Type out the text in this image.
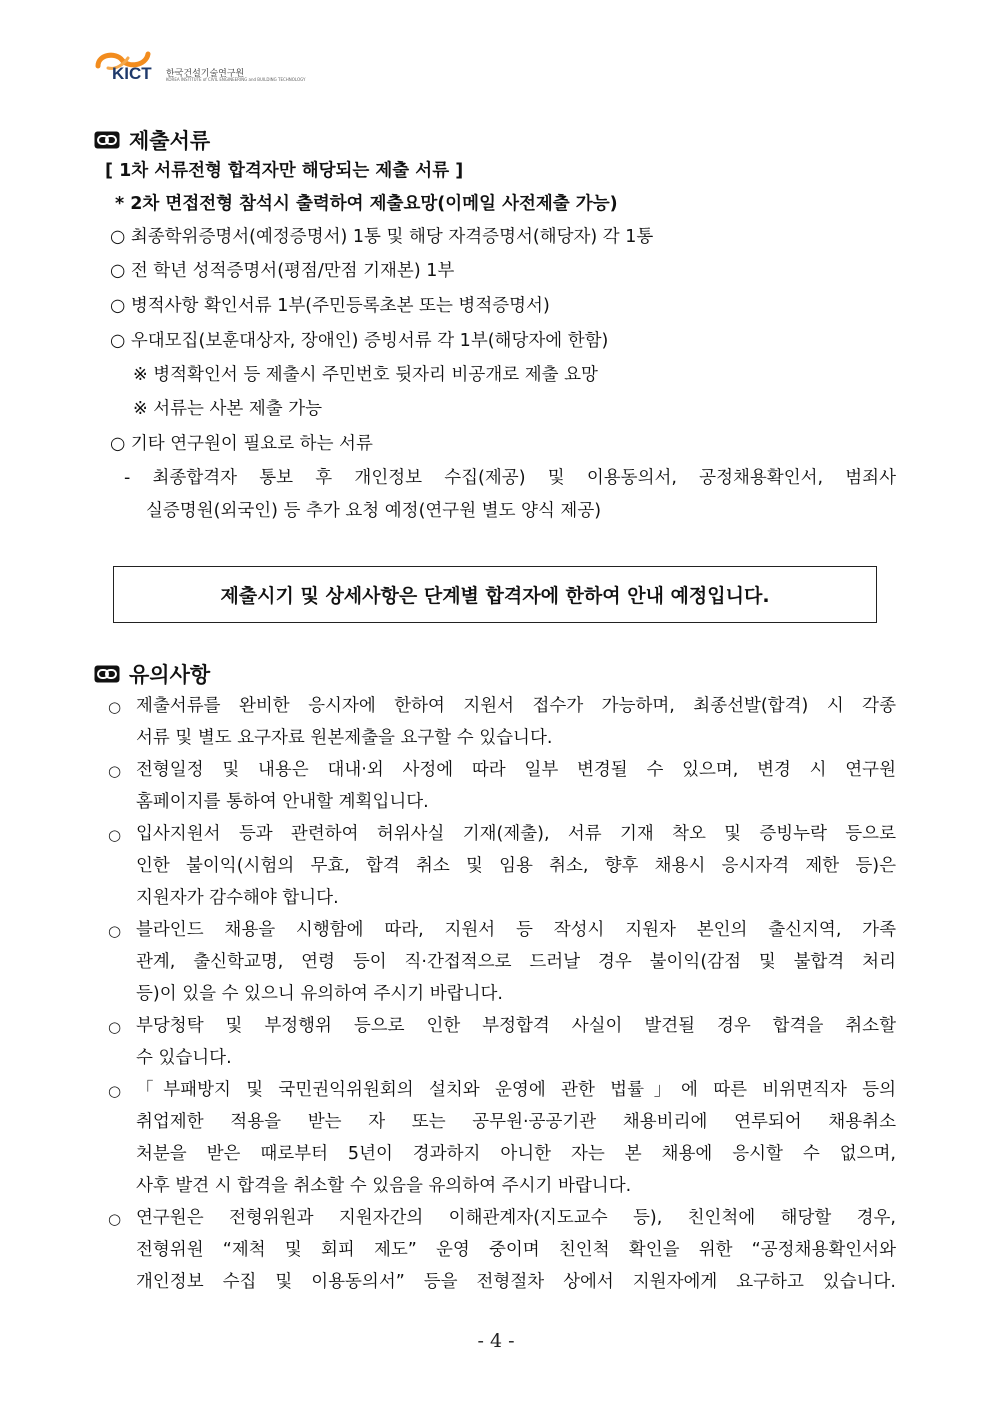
KICT 한국건설기술연구원
KOREA INSTITUTE of CIVIL ENGINEERING and BUILDING TECHNOLOGY
제출서류
[ 1차 서류전형 합격자만 해당되는 제출 서류 ]
* 2차 면접전형 참석시 출력하여 제출요망(이메일 사전제출 가능)
○ 최종학위증명서(예정증명서) 1통 및 해당 자격증명서(해당자) 각 1통
○ 전 학년 성적증명서(평점/만점 기재본) 1부
○ 병적사항 확인서류 1부(주민등록초본 또는 병적증명서)
○ 우대모집(보훈대상자, 장애인) 증빙서류 각 1부(해당자에 한함)
※ 병적확인서 등 제출시 주민번호 뒷자리 비공개로 제출 요망
※ 서류는 사본 제출 가능
○ 기타 연구원이 필요로 하는 서류
- 최종합격자 통보 후 개인정보 수집(제공) 및 이용동의서, 공정채용확인서, 범죄사
실증명원(외국인) 등 추가 요청 예정(연구원 별도 양식 제공)
제출시기 및 상세사항은 단계별 합격자에 한하여 안내 예정입니다.
유의사항
○ 제출서류를 완비한 응시자에 한하여 지원서 접수가 가능하며, 최종선발(합격) 시 각종
서류 및 별도 요구자료 원본제출을 요구할 수 있습니다.
○ 전형일정 및 내용은 대내‧외 사정에 따라 일부 변경될 수 있으며, 변경 시 연구원
홈페이지를 통하여 안내할 계획입니다.
○ 입사지원서 등과 관련하여 허위사실 기재(제출), 서류 기재 착오 및 증빙누락 등으로
인한 불이익(시험의 무효, 합격 취소 및 임용 취소, 향후 채용시 응시자격 제한 등)은
지원자가 감수해야 합니다.
○ 블라인드 채용을 시행함에 따라, 지원서 등 작성시 지원자 본인의 출신지역, 가족
관계, 출신학교명, 연령 등이 직·간접적으로 드러날 경우 불이익(감점 및 불합격 처리
등)이 있을 수 있으니 유의하여 주시기 바랍니다.
○ 부당청탁 및 부정행위 등으로 인한 부정합격 사실이 발견될 경우 합격을 취소할
수 있습니다.
○ 「부패방지 및 국민권익위원회의 설치와 운영에 관한 법률」에 따른 비위면직자 등의
취업제한 적용을 받는 자 또는 공무원·공공기관 채용비리에 연루되어 채용취소
처분을 받은 때로부터 5년이 경과하지 아니한 자는 본 채용에 응시할 수 없으며,
사후 발견 시 합격을 취소할 수 있음을 유의하여 주시기 바랍니다.
○ 연구원은 전형위원과 지원자간의 이해관계자(지도교수 등), 친인척에 해당할 경우,
전형위원 “제척 및 회피 제도” 운영 중이며 친인척 확인을 위한 “공정채용확인서와
개인정보 수집 및 이용동의서” 등을 전형절차 상에서 지원자에게 요구하고 있습니다.
- 4 -
